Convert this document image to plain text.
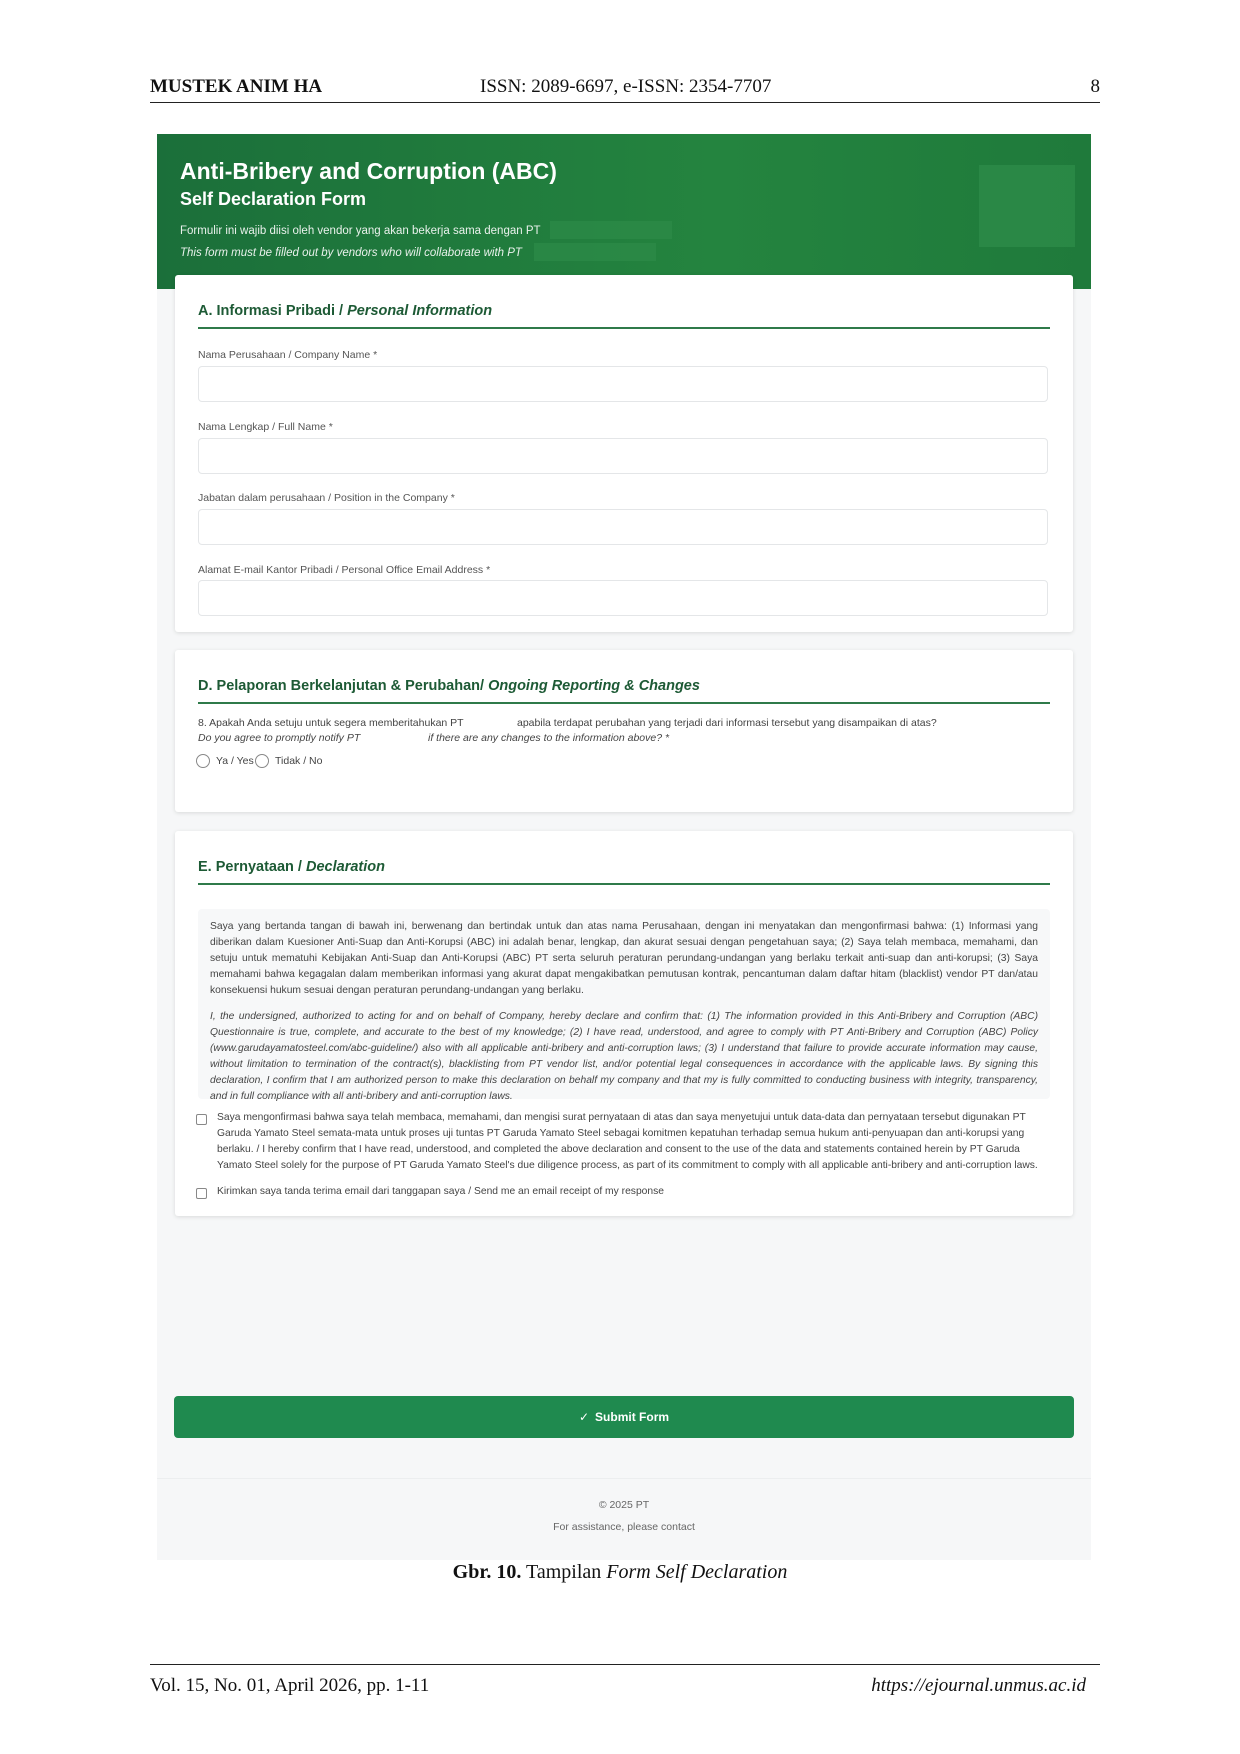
MUSTEK ANIM HA	ISSN: 2089-6697, e-ISSN: 2354-7707	8
Anti-Bribery and Corruption (ABC)
Self Declaration Form
Formulir ini wajib diisi oleh vendor yang akan bekerja sama dengan PT
This form must be filled out by vendors who will collaborate with PT
A. Informasi Pribadi / Personal Information
Nama Perusahaan / Company Name *
Nama Lengkap / Full Name *
Jabatan dalam perusahaan / Position in the Company *
Alamat E-mail Kantor Pribadi / Personal Office Email Address *
D. Pelaporan Berkelanjutan & Perubahan/ Ongoing Reporting & Changes
8. Apakah Anda setuju untuk segera memberitahukan PT	apabila terdapat perubahan yang terjadi dari informasi tersebut yang disampaikan di atas?
Do you agree to promptly notify PT	if there are any changes to the information above? *
Ya / Yes Tidak / No
E. Pernyataan / Declaration

Saya yang bertanda tangan di bawah ini, berwenang dan bertindak untuk dan atas nama Perusahaan, dengan ini menyatakan dan mengonfirmasi bahwa: (1) Informasi yang diberikan dalam Kuesioner Anti-Suap dan Anti-Korupsi (ABC) ini adalah benar, lengkap, dan akurat sesuai dengan pengetahuan saya; (2) Saya telah membaca, memahami, dan setuju untuk mematuhi Kebijakan Anti-Suap dan Anti-Korupsi (ABC) PT serta seluruh peraturan perundang-undangan yang berlaku terkait anti-suap dan anti-korupsi; (3) Saya memahami bahwa kegagalan dalam memberikan informasi yang akurat dapat mengakibatkan pemutusan kontrak, pencantuman dalam daftar hitam (blacklist) vendor PT dan/atau konsekuensi hukum sesuai dengan peraturan perundang-undangan yang berlaku.

I, the undersigned, authorized to acting for and on behalf of Company, hereby declare and confirm that: (1) The information provided in this Anti-Bribery and Corruption (ABC) Questionnaire is true, complete, and accurate to the best of my knowledge; (2) I have read, understood, and agree to comply with PT Anti-Bribery and Corruption (ABC) Policy (www.garudayamatosteel.com/abc-guideline/) also with all applicable anti-bribery and anti-corruption laws; (3) I understand that failure to provide accurate information may cause, without limitation to termination of the contract(s), blacklisting from PT vendor list, and/or potential legal consequences in accordance with the applicable laws. By signing this declaration, I confirm that I am authorized person to make this declaration on behalf my company and that my is fully committed to conducting business with integrity, transparency, and in full compliance with all anti-bribery and anti-corruption laws.

Saya mengonfirmasi bahwa saya telah membaca, memahami, dan mengisi surat pernyataan di atas dan saya menyetujui untuk data-data dan pernyataan tersebut digunakan PT Garuda Yamato Steel semata-mata untuk proses uji tuntas PT Garuda Yamato Steel sebagai komitmen kepatuhan terhadap semua hukum anti-penyuapan dan anti-korupsi yang berlaku. / I hereby confirm that I have read, understood, and completed the above declaration and consent to the use of the data and statements contained herein by PT Garuda Yamato Steel solely for the purpose of PT Garuda Yamato Steel's due diligence process, as part of its commitment to comply with all applicable anti-bribery and anti-corruption laws.
Kirimkan saya tanda terima email dari tanggapan saya / Send me an email receipt of my response
✓ Submit Form
© 2025 PT
For assistance, please contact
Gbr. 10. Tampilan Form Self Declaration
Vol. 15, No. 01, April 2026, pp. 1-11	https://ejournal.unmus.ac.id
